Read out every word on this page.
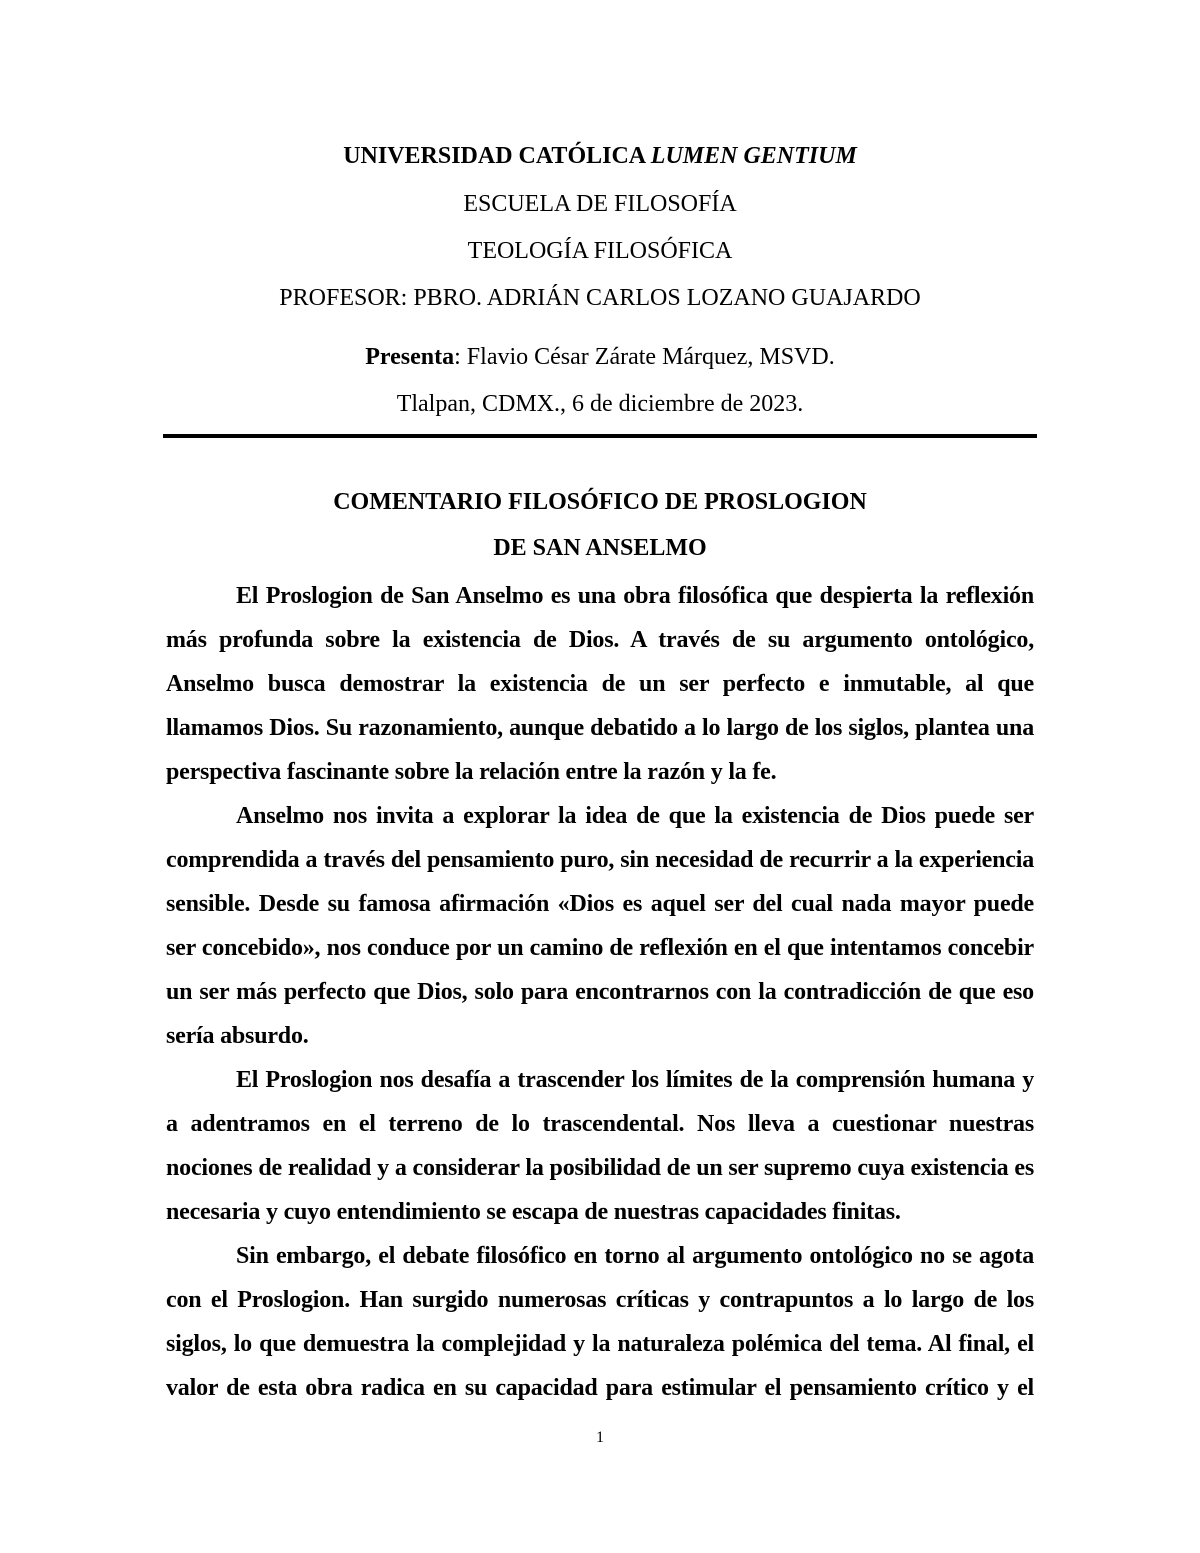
UNIVERSIDAD CATÓLICA LUMEN GENTIUM
ESCUELA DE FILOSOFÍA
TEOLOGÍA FILOSÓFICA
PROFESOR: PBRO. ADRIÁN CARLOS LOZANO GUAJARDO
Presenta: Flavio César Zárate Márquez, MSVD.
Tlalpan, CDMX., 6 de diciembre de 2023.
COMENTARIO FILOSÓFICO DE PROSLOGION
DE SAN ANSELMO

El Proslogion de San Anselmo es una obra filosófica que despierta la reflexión más profunda sobre la existencia de Dios. A través de su argumento ontológico, Anselmo busca demostrar la existencia de un ser perfecto e inmutable, al que llamamos Dios. Su razonamiento, aunque debatido a lo largo de los siglos, plantea una perspectiva fascinante sobre la relación entre la razón y la fe.

Anselmo nos invita a explorar la idea de que la existencia de Dios puede ser comprendida a través del pensamiento puro, sin necesidad de recurrir a la experiencia sensible. Desde su famosa afirmación «Dios es aquel ser del cual nada mayor puede ser concebido», nos conduce por un camino de reflexión en el que intentamos concebir un ser más perfecto que Dios, solo para encontrarnos con la contradicción de que eso sería absurdo.

El Proslogion nos desafía a trascender los límites de la comprensión humana y a adentramos en el terreno de lo trascendental. Nos lleva a cuestionar nuestras nociones de realidad y a considerar la posibilidad de un ser supremo cuya existencia es necesaria y cuyo entendimiento se escapa de nuestras capacidades finitas.

Sin embargo, el debate filosófico en torno al argumento ontológico no se agota con el Proslogion. Han surgido numerosas críticas y contrapuntos a lo largo de los siglos, lo que demuestra la complejidad y la naturaleza polémica del tema. Al final, el valor de esta obra radica en su capacidad para estimular el pensamiento crítico y el

1
